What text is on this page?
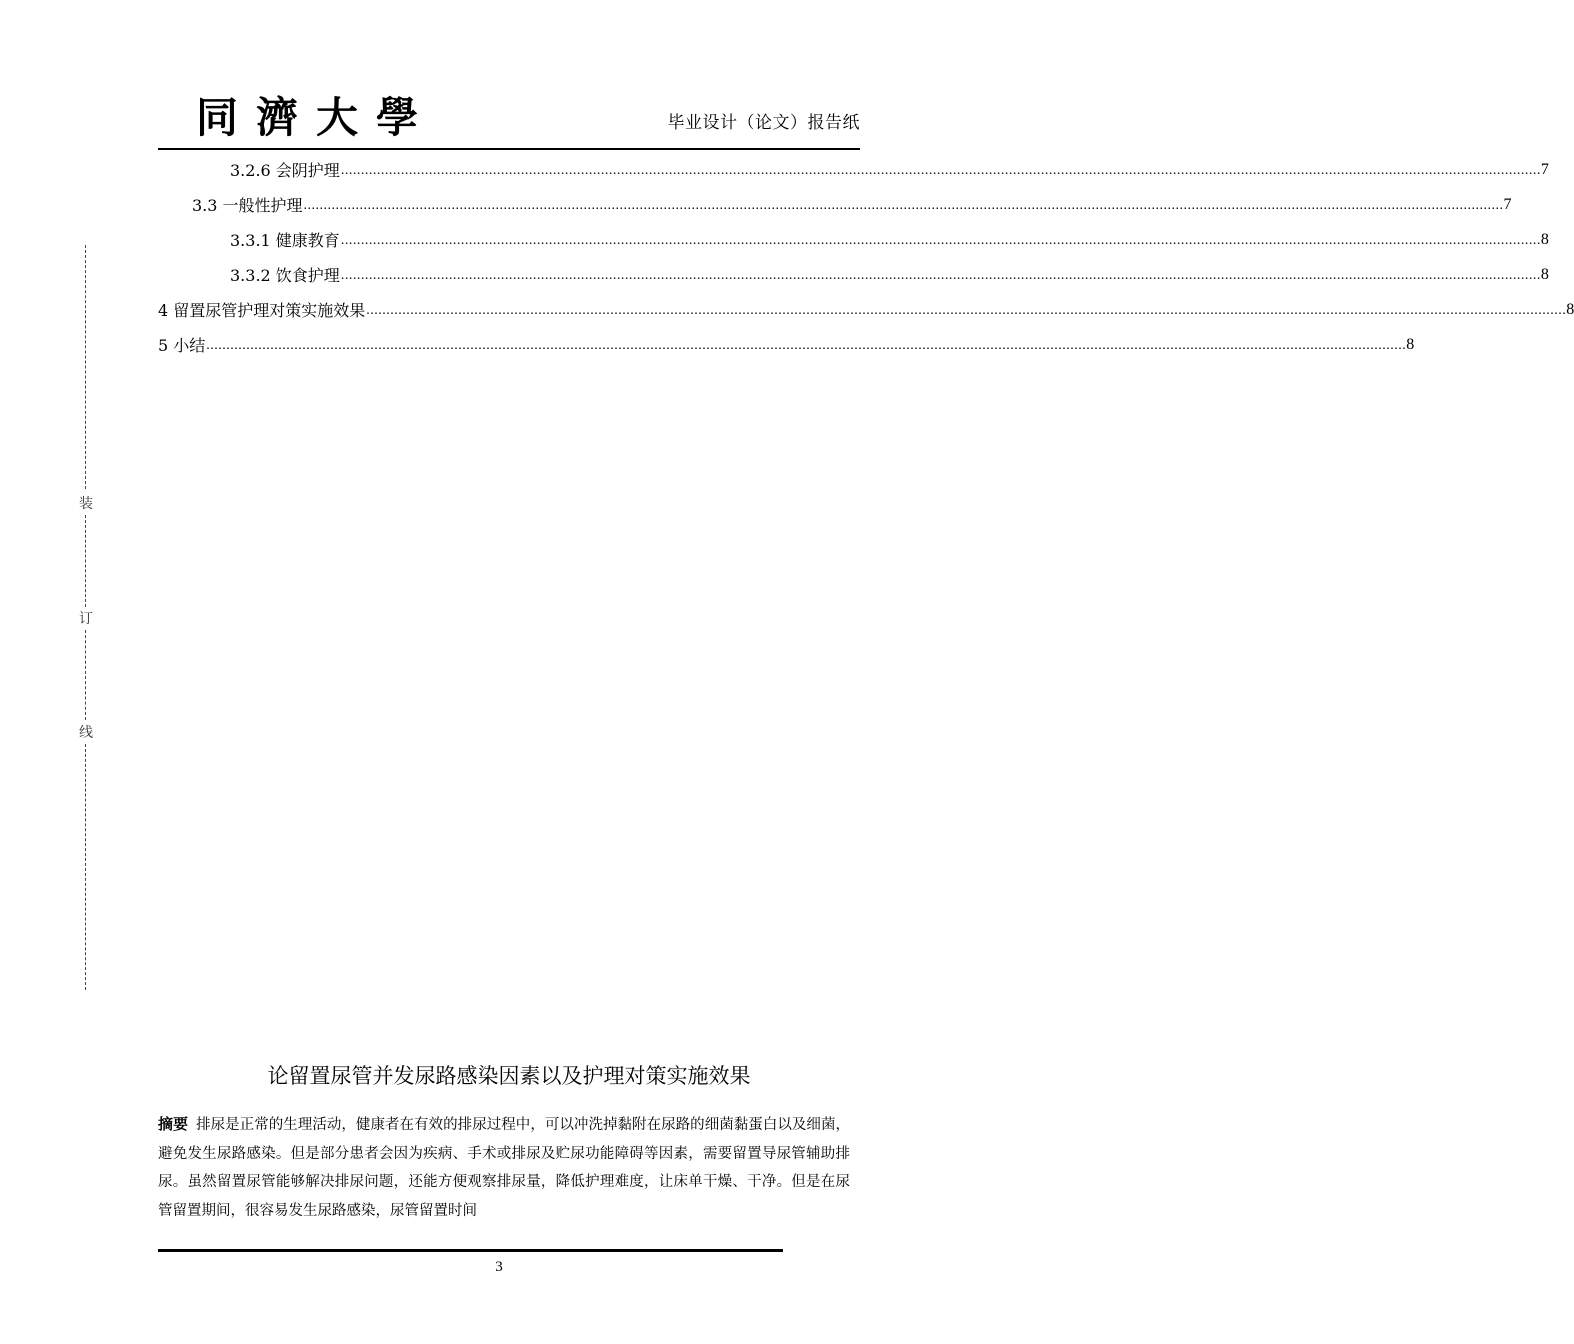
同濟大學	毕业设计（论文）报告纸
3.2.6 会阴护理 ............................................................................................................................................................................................................................................................................................................ 7
3.3 一般性护理 ............................................................................................................................................................................................................................................................................................................ 7
3.3.1 健康教育 ............................................................................................................................................................................................................................................................................................................ 8
3.3.2 饮食护理 ............................................................................................................................................................................................................................................................................................................ 8
4 留置尿管护理对策实施效果 ............................................................................................................................................................................................................................................................................................................ 8
5 小结 ............................................................................................................................................................................................................................................................................................................ 8
装
订
线
论留置尿管并发尿路感染因素以及护理对策实施效果
摘要 排尿是正常的生理活动，健康者在有效的排尿过程中，可以冲洗掉黏附在尿路的细菌黏蛋白以及细菌，避免发生尿路感染。但是部分患者会因为疾病、手术或排尿及贮尿功能障碍等因素，需要留置导尿管辅助排尿。虽然留置尿管能够解决排尿问题，还能方便观察排尿量，降低护理难度，让床单干燥、干净。但是在尿管留置期间，很容易发生尿路感染，尿管留置时间
3
